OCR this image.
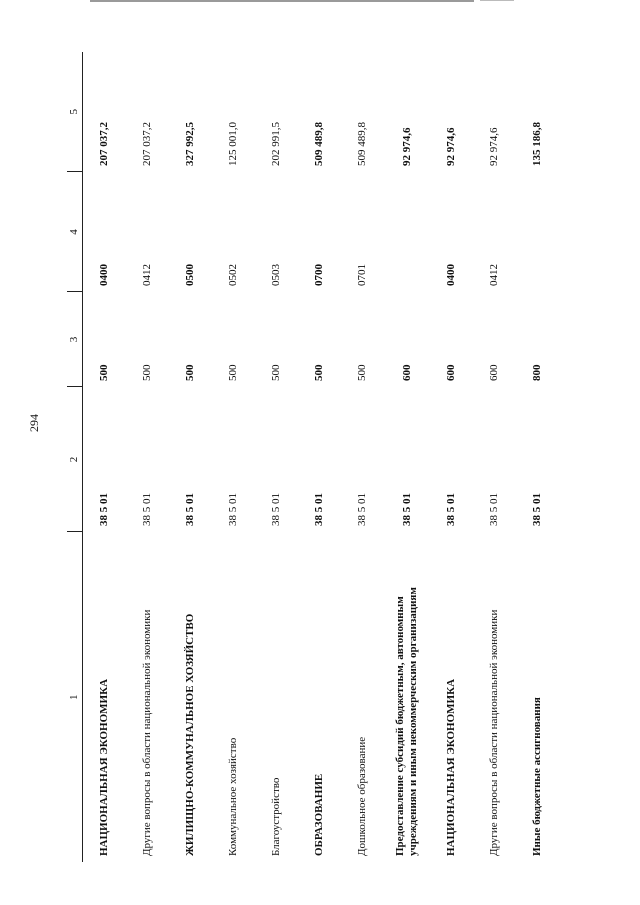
294
1	2	3	4	5
НАЦИОНАЛЬНАЯ ЭКОНОМИКА	38 5 01	500	0400	207 037,2
Другие вопросы в области национальной экономики	38 5 01	500	0412	207 037,2
ЖИЛИЩНО-КОММУНАЛЬНОЕ ХОЗЯЙСТВО	38 5 01	500	0500	327 992,5
Коммунальное хозяйство	38 5 01	500	0502	125 001,0
Благоустройство	38 5 01	500	0503	202 991,5
ОБРАЗОВАНИЕ	38 5 01	500	0700	509 489,8
Дошкольное образование	38 5 01	500	0701	509 489,8
Предоставление субсидий бюджетным, автономным учреждениям и иным некоммерческим организациям	38 5 01	600		92 974,6
НАЦИОНАЛЬНАЯ ЭКОНОМИКА	38 5 01	600	0400	92 974,6
Другие вопросы в области национальной экономики	38 5 01	600	0412	92 974,6
Иные бюджетные ассигнования	38 5 01	800		135 186,8
